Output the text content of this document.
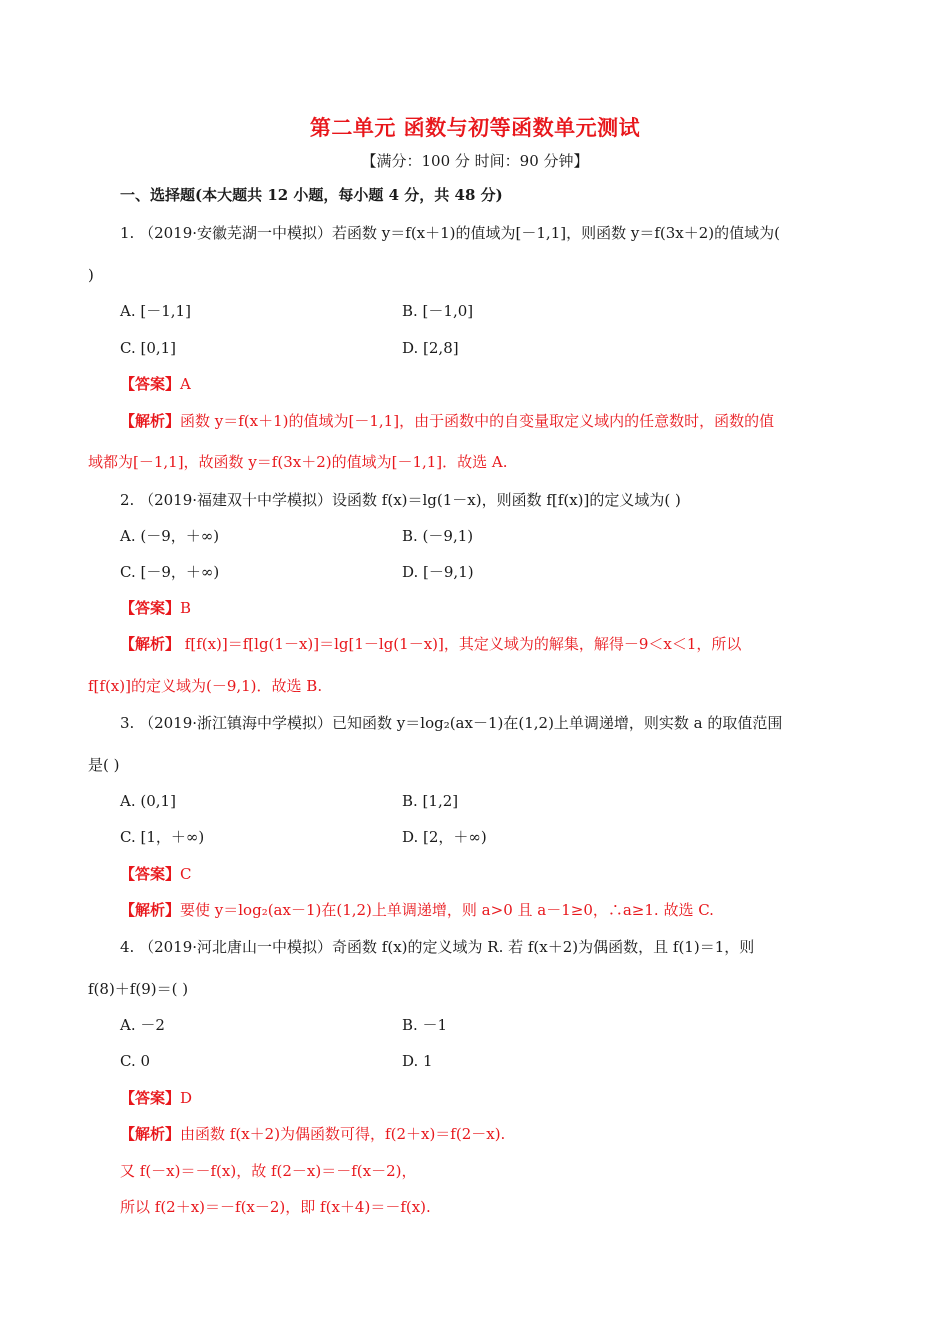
第二单元 函数与初等函数单元测试
【满分：100 分 时间：90 分钟】
一、选择题(本大题共 12 小题，每小题 4 分，共 48 分)
1. （2019·安徽芜湖一中模拟）若函数 y＝f(x＋1)的值域为[－1,1]，则函数 y＝f(3x＋2)的值域为(
)
A. [－1,1]	B. [－1,0]
C. [0,1]	D. [2,8]
【答案】A
【解析】函数 y＝f(x＋1)的值域为[－1,1]，由于函数中的自变量取定义域内的任意数时，函数的值
域都为[－1,1]，故函数 y＝f(3x＋2)的值域为[－1,1]．故选 A.
2. （2019·福建双十中学模拟）设函数 f(x)＝lg(1－x)，则函数 f[f(x)]的定义域为( )
A. (－9，＋∞)	B. (－9,1)
C. [－9，＋∞)	D. [－9,1)
【答案】B
【解析】 f[f(x)]＝f[lg(1－x)]＝lg[1－lg(1－x)]，其定义域为的解集，解得－9＜x＜1，所以
f[f(x)]的定义域为(－9,1)．故选 B.
3. （2019·浙江镇海中学模拟）已知函数 y＝log₂(ax－1)在(1,2)上单调递增，则实数 a 的取值范围
是( )
A. (0,1]	B. [1,2]
C. [1，＋∞)	D. [2，＋∞)
【答案】C
【解析】要使 y＝log₂(ax－1)在(1,2)上单调递增，则 a>0 且 a－1≥0，∴a≥1. 故选 C.
4. （2019·河北唐山一中模拟）奇函数 f(x)的定义域为 R. 若 f(x＋2)为偶函数，且 f(1)＝1，则
f(8)＋f(9)＝( )
A. －2	B. －1
C. 0	D. 1
【答案】D
【解析】由函数 f(x＋2)为偶函数可得，f(2＋x)＝f(2－x).
又 f(－x)＝－f(x)，故 f(2－x)＝－f(x－2)，
所以 f(2＋x)＝－f(x－2)，即 f(x＋4)＝－f(x).
